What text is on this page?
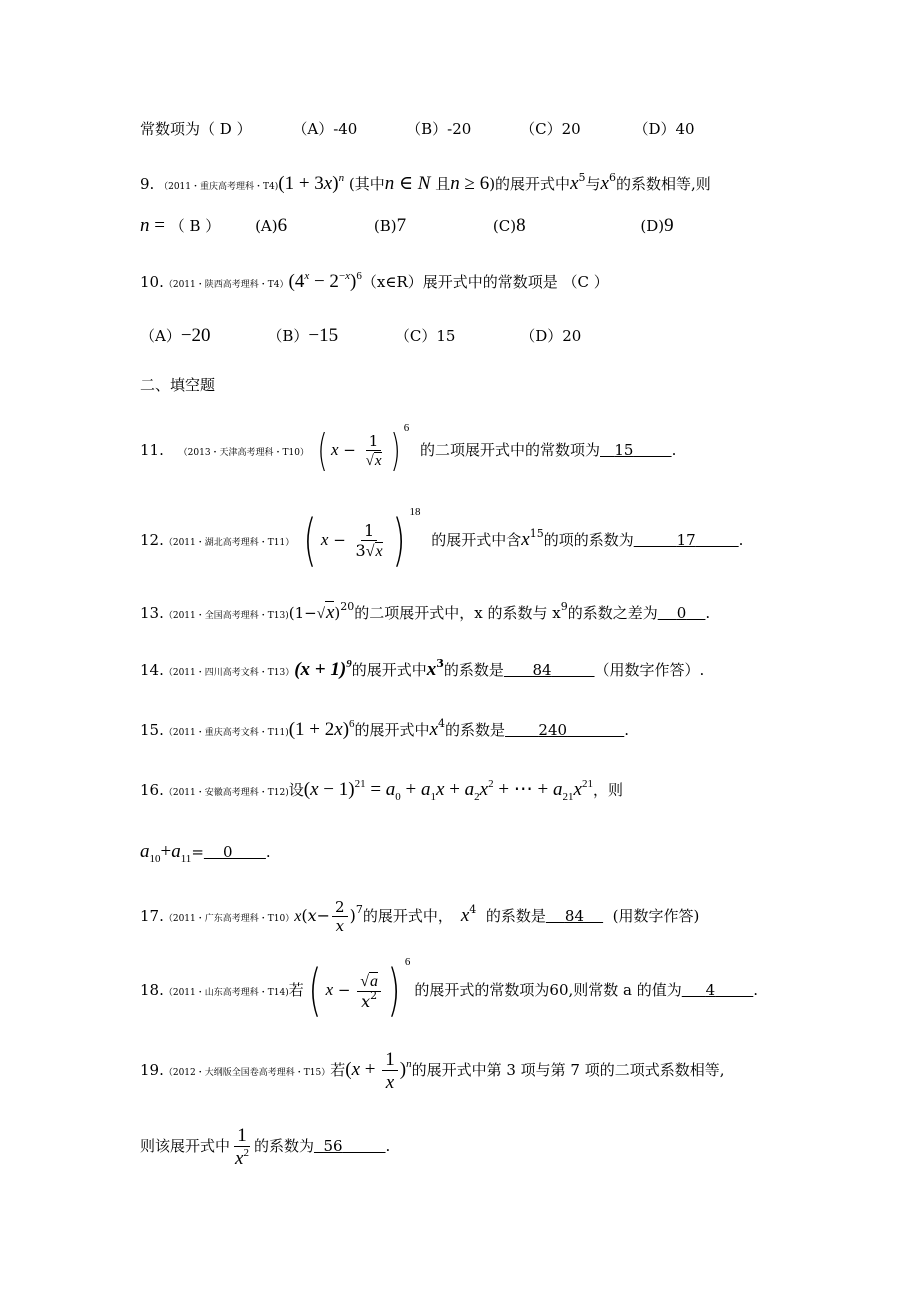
常数项为（ D ）	（A）-40	（B）-20	（C）20	（D）40
9. （2011・重庆高考理科・$T4)(1 + 3x)^n$ (其中n ∈ N 且n ≥ 6)的展开式中$x^5$与$x^6$的系数相等,则
n = （ B ） (A)6	(B)7	(C)8	(D)9
10.（2011・陕西高考理科・$T4)(4^x$ − $2^{-x})^6(x\in R)$展开式中的常数项是 （C ）
（A）−20	（B）−15	（C）15	（D）20
二、填空题
11. （2013・天津高考理科・T10） ( $x - \frac{1}{√x}$ ) $^6$ 的二项展开式中的常数项为 15	.
12.（2011・湖北高考理科・T11） ( $x - \frac{1}{3√x}$ ) $^{18}$ 的展开式中含$x^{15}$的项的系数为	17	.
13.（2011・全国高考理科・$T13)(1-√x)^{20}$的二项展开式中，x 的系数与 $x^9$的系数之差为 0 .
14.（2011・四川高考文科・$T13)(x + 1)^9$的展开式中$x^3$的系数是 84	（用数字作答）.
15.（2011・重庆高考文科・$T11)(1 + 2x)^6$的展开式中$x^4$的系数是 240	.
16.（2011・安徽高考理科・T12)设$(x - 1)^{21} = a_0 + a_1x + a_2x^2$ + ⋯ + $a_{21}x^{21}$，则
$a_{10}+a_{11}= 0$ .
17.（2011・广东高考理科・$T10)x(x- \frac{2}{x} )^7$的展开式中， $x^4$ 的系数是 84 (用数字作答)
18.（2011・山东高考理科・T14)若( $x - \frac{√a}{x^2}$ ) $^6$的展开式的常数项为60,则常数 a 的值为 4	.
19.（2012・大纲版全国卷高考理科・T15）若$(x + \frac{1}{x} )^n$的展开式中第 3 项与第 7 项的二项式系数相等,
则该展开式中 $\frac{1}{x^2}$ 的系数为 56	.
